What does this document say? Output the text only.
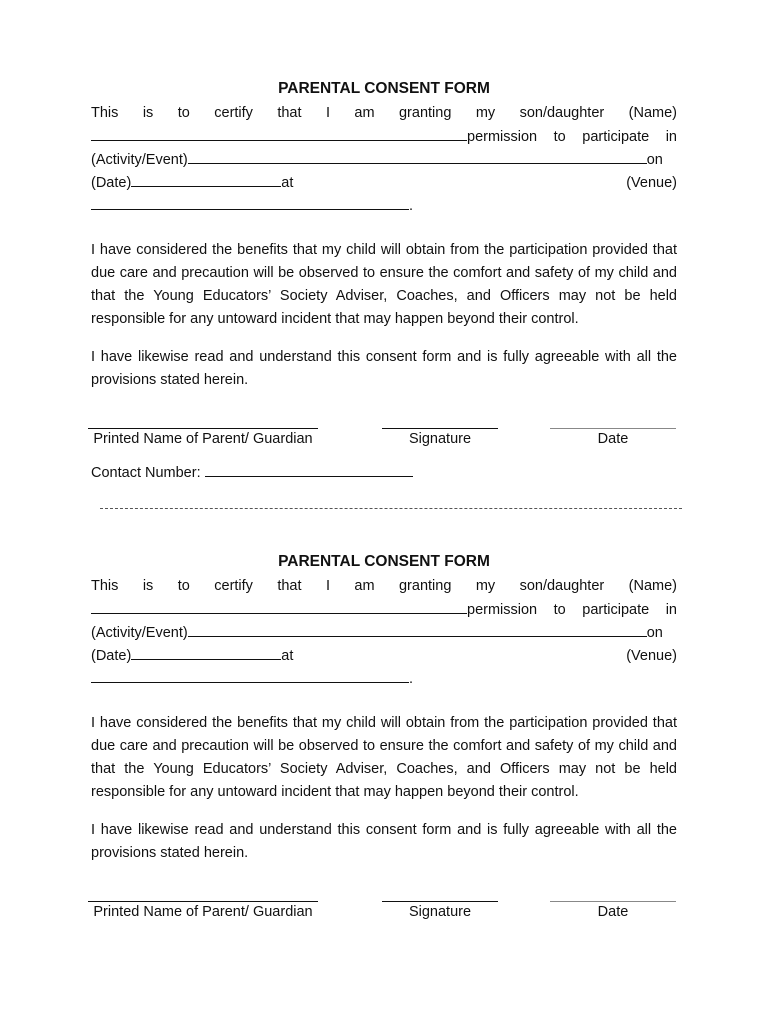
PARENTAL CONSENT FORM
This is to certify that I am granting my son/daughter (Name)
permission to participate in
(Activity/Event)	on
(Date)	at	(Venue)
.

I have considered the benefits that my child will obtain from the participation provided that due care and precaution will be observed to ensure the comfort and safety of my child and that the Young Educators’ Society Adviser, Coaches, and Officers may not be held responsible for any untoward incident that may happen beyond their control.

I have likewise read and understand this consent form and is fully agreeable with all the provisions stated herein.

Printed Name of Parent/ Guardian	Signature	Date
Contact Number:
PARENTAL CONSENT FORM
This is to certify that I am granting my son/daughter (Name)
permission to participate in
(Activity/Event)	on
(Date)	at	(Venue)
.

I have considered the benefits that my child will obtain from the participation provided that due care and precaution will be observed to ensure the comfort and safety of my child and that the Young Educators’ Society Adviser, Coaches, and Officers may not be held responsible for any untoward incident that may happen beyond their control.

I have likewise read and understand this consent form and is fully agreeable with all the provisions stated herein.

Printed Name of Parent/ Guardian	Signature	Date
